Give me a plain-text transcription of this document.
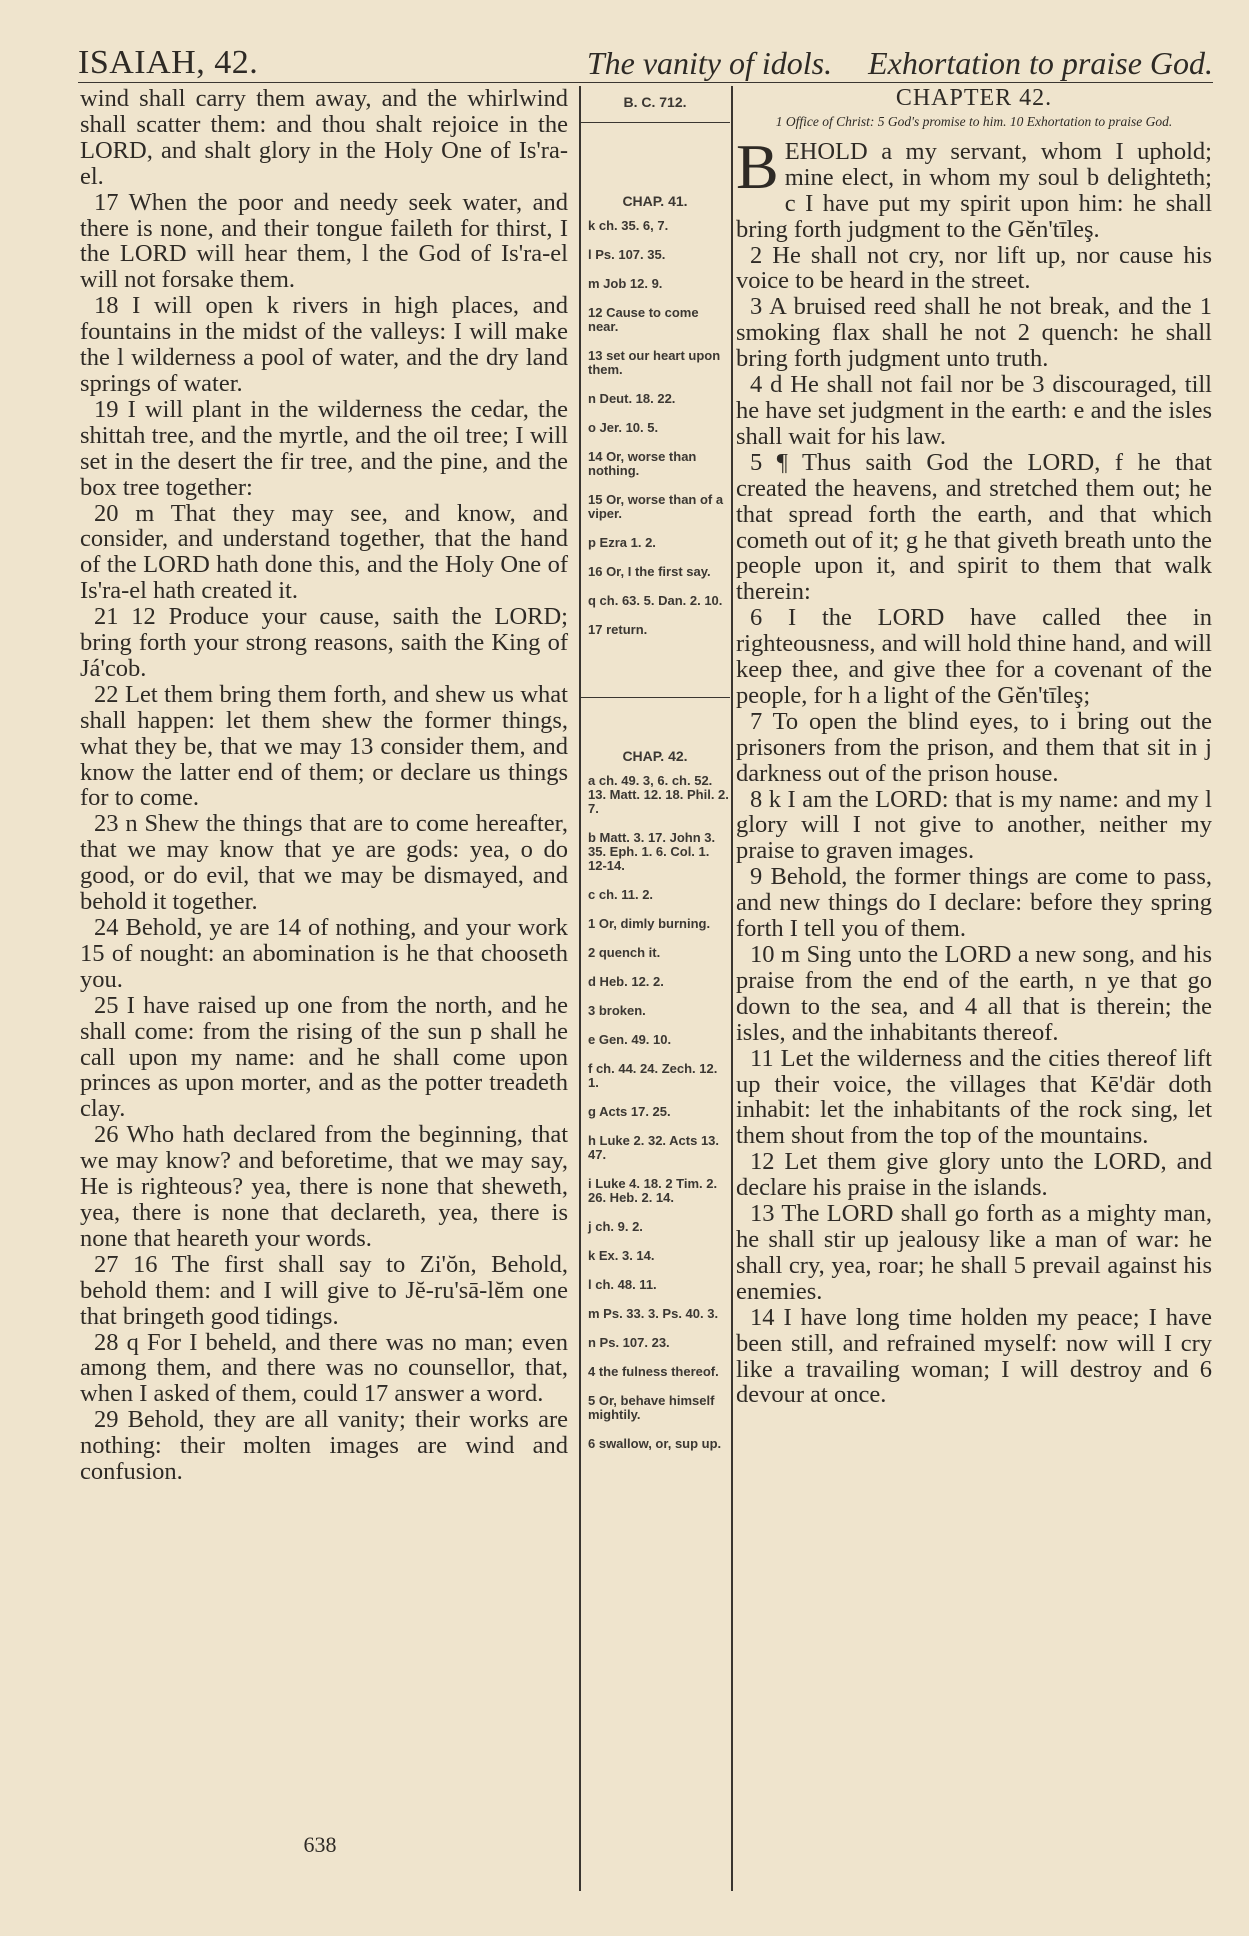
ISAIAH, 42.	The vanity of idols. Exhortation to praise God.

wind shall carry them away, and the whirlwind shall scatter them: and thou shalt rejoice in the LORD, and shalt glory in the Holy One of Is'ra-el.

17 When the poor and needy seek water, and there is none, and their tongue faileth for thirst, I the LORD will hear them, l the God of Is'ra-el will not forsake them.

18 I will open k rivers in high places, and fountains in the midst of the valleys: I will make the l wilderness a pool of water, and the dry land springs of water.

19 I will plant in the wilderness the cedar, the shittah tree, and the myrtle, and the oil tree; I will set in the desert the fir tree, and the pine, and the box tree together:

20 m That they may see, and know, and consider, and understand together, that the hand of the LORD hath done this, and the Holy One of Is'ra-el hath created it.

21 12 Produce your cause, saith the LORD; bring forth your strong reasons, saith the King of Já'cob.

22 Let them bring them forth, and shew us what shall happen: let them shew the former things, what they be, that we may 13 consider them, and know the latter end of them; or declare us things for to come.

23 n Shew the things that are to come hereafter, that we may know that ye are gods: yea, o do good, or do evil, that we may be dismayed, and behold it together.

24 Behold, ye are 14 of nothing, and your work 15 of nought: an abomination is he that chooseth you.

25 I have raised up one from the north, and he shall come: from the rising of the sun p shall he call upon my name: and he shall come upon princes as upon morter, and as the potter treadeth clay.

26 Who hath declared from the beginning, that we may know? and beforetime, that we may say, He is righteous? yea, there is none that sheweth, yea, there is none that declareth, yea, there is none that heareth your words.

27 16 The first shall say to Zi'ŏn, Behold, behold them: and I will give to Jĕ-ru'sā-lĕm one that bringeth good tidings.

28 q For I beheld, and there was no man; even among them, and there was no counsellor, that, when I asked of them, could 17 answer a word.

29 Behold, they are all vanity; their works are nothing: their molten images are wind and confusion.

B. C. 712.
CHAP. 41.
k ch. 35. 6, 7.
l Ps. 107. 35.
m Job 12. 9.
12 Cause to come near.
13 set our heart upon them.
n Deut. 18. 22.
o Jer. 10. 5.
14 Or, worse than nothing.
15 Or, worse than of a viper.
p Ezra 1. 2.
16 Or, I the first say.
q ch. 63. 5. Dan. 2. 10.
17 return.
CHAP. 42.
a ch. 49. 3, 6. ch. 52. 13. Matt. 12. 18. Phil. 2. 7.
b Matt. 3. 17. John 3. 35. Eph. 1. 6. Col. 1. 12-14.
c ch. 11. 2.
1 Or, dimly burning.
2 quench it.
d Heb. 12. 2.
3 broken.
e Gen. 49. 10.
f ch. 44. 24. Zech. 12. 1.
g Acts 17. 25.
h Luke 2. 32. Acts 13. 47.
i Luke 4. 18. 2 Tim. 2. 26. Heb. 2. 14.
j ch. 9. 2.
k Ex. 3. 14.
l ch. 48. 11.
m Ps. 33. 3. Ps. 40. 3.
n Ps. 107. 23.
4 the fulness thereof.
5 Or, behave himself mightily.
6 swallow, or, sup up.
CHAPTER 42.
1 Office of Christ: 5 God's promise to him. 10 Exhortation to praise God.

BEHOLD a my servant, whom I uphold; mine elect, in whom my soul b delighteth; c I have put my spirit upon him: he shall bring forth judgment to the Gĕn'tīleş.

2 He shall not cry, nor lift up, nor cause his voice to be heard in the street.

3 A bruised reed shall he not break, and the 1 smoking flax shall he not 2 quench: he shall bring forth judgment unto truth.

4 d He shall not fail nor be 3 discouraged, till he have set judgment in the earth: e and the isles shall wait for his law.

5 ¶ Thus saith God the LORD, f he that created the heavens, and stretched them out; he that spread forth the earth, and that which cometh out of it; g he that giveth breath unto the people upon it, and spirit to them that walk therein:

6 I the LORD have called thee in righteousness, and will hold thine hand, and will keep thee, and give thee for a covenant of the people, for h a light of the Gĕn'tīleş;

7 To open the blind eyes, to i bring out the prisoners from the prison, and them that sit in j darkness out of the prison house.

8 k I am the LORD: that is my name: and my l glory will I not give to another, neither my praise to graven images.

9 Behold, the former things are come to pass, and new things do I declare: before they spring forth I tell you of them.

10 m Sing unto the LORD a new song, and his praise from the end of the earth, n ye that go down to the sea, and 4 all that is therein; the isles, and the inhabitants thereof.

11 Let the wilderness and the cities thereof lift up their voice, the villages that Kē'där doth inhabit: let the inhabitants of the rock sing, let them shout from the top of the mountains.

12 Let them give glory unto the LORD, and declare his praise in the islands.

13 The LORD shall go forth as a mighty man, he shall stir up jealousy like a man of war: he shall cry, yea, roar; he shall 5 prevail against his enemies.

14 I have long time holden my peace; I have been still, and refrained myself: now will I cry like a travailing woman; I will destroy and 6 devour at once.

638
